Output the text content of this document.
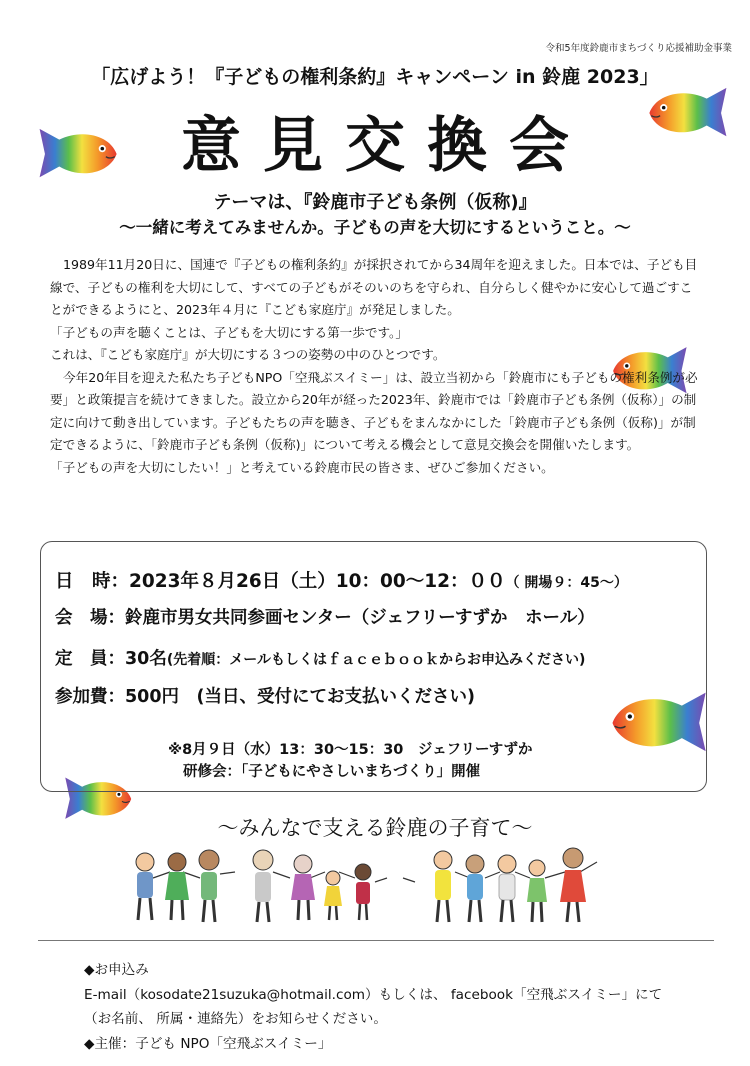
令和5年度鈴鹿市まちづくり応援補助金事業
「広げよう！『子どもの権利条約』キャンペーン in 鈴鹿 2023」
意見交換会
テーマは、『鈴鹿市子ども条例（仮称)』
～一緒に考えてみませんか。子どもの声を大切にするということ。～

1989年11月20日に、国連で『子どもの権利条約』が採択されてから34周年を迎えました。日本では、子ども目線で、子どもの権利を大切にして、すべての子どもがそのいのちを守られ、自分らしく健やかに安心して過ごすことができるようにと、2023年４月に『こども家庭庁』が発足しました。

「子どもの声を聴くことは、子どもを大切にする第一歩です。」

これは、『こども家庭庁』が大切にする３つの姿勢の中のひとつです。

今年20年目を迎えた私たち子どもNPO「空飛ぶスイミー」は、設立当初から「鈴鹿市にも子どもの権利条例が必要」と政策提言を続けてきました。設立から20年が経った2023年、鈴鹿市では「鈴鹿市子ども条例（仮称）」の制定に向けて動き出しています。子どもたちの声を聴き、子どもをまんなかにした「鈴鹿市子ども条例（仮称)」が制定できるように、「鈴鹿市子ども条例（仮称)」について考える機会として意見交換会を開催いたします。

「子どもの声を大切にしたい！」と考えている鈴鹿市民の皆さま、ぜひご参加ください。

日　時：2023年８月26日（土）10：00～12：００（ 開場９：45～）
会　場：鈴鹿市男女共同参画センター（ジェフリーすずか　ホール）
定　員：30名(先着順：メールもしくはｆａｃｅｂｏｏｋからお申込みください)
参加費：500円　(当日、受付にてお支払いください)
※8月９日（水）13：30～15：30　ジェフリーすずか
研修会：「子どもにやさしいまちづくり」開催
～みんなで支える鈴鹿の子育て～

◆お申込み

E-mail（kosodate21suzuka@hotmail.com）もしくは、 facebook「空飛ぶスイミー」にて

（お名前、 所属・連絡先）をお知らせください。

◆主催：子ども NPO「空飛ぶスイミー」
